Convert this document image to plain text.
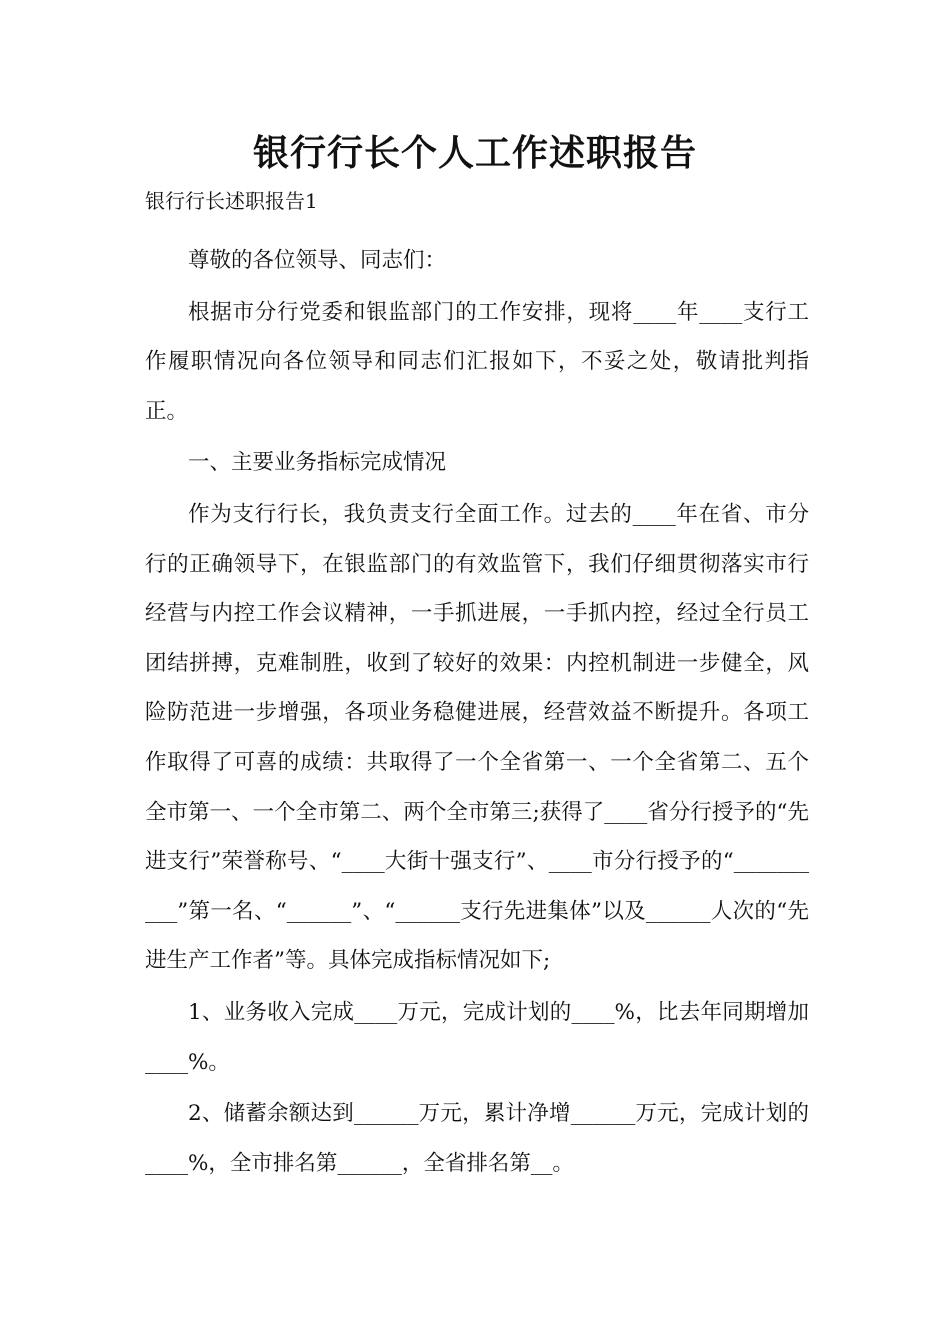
银行行长个人工作述职报告

银行行长述职报告1

尊敬的各位领导、同志们：

根据市分行党委和银监部门的工作安排，现将____年____支行工作履职情况向各位领导和同志们汇报如下，不妥之处，敬请批判指正。

一、主要业务指标完成情况

作为支行行长，我负责支行全面工作。过去的____年在省、市分行的正确领导下，在银监部门的有效监管下，我们仔细贯彻落实市行经营与内控工作会议精神，一手抓进展，一手抓内控，经过全行员工团结拼搏，克难制胜，收到了较好的效果：内控机制进一步健全，风险防范进一步增强，各项业务稳健进展，经营效益不断提升。各项工作取得了可喜的成绩：共取得了一个全省第一、一个全省第二、五个全市第一、一个全市第二、两个全市第三;获得了____省分行授予的“先进支行”荣誉称号、“____大街十强支行”、____市分行授予的“__________”第一名、“______”、“______支行先进集体”以及______人次的“先进生产工作者”等。具体完成指标情况如下;

1、业务收入完成____万元，完成计划的____%，比去年同期增加____%。

2、储蓄余额达到______万元，累计净增______万元，完成计划的____%，全市排名第______，全省排名第__。
